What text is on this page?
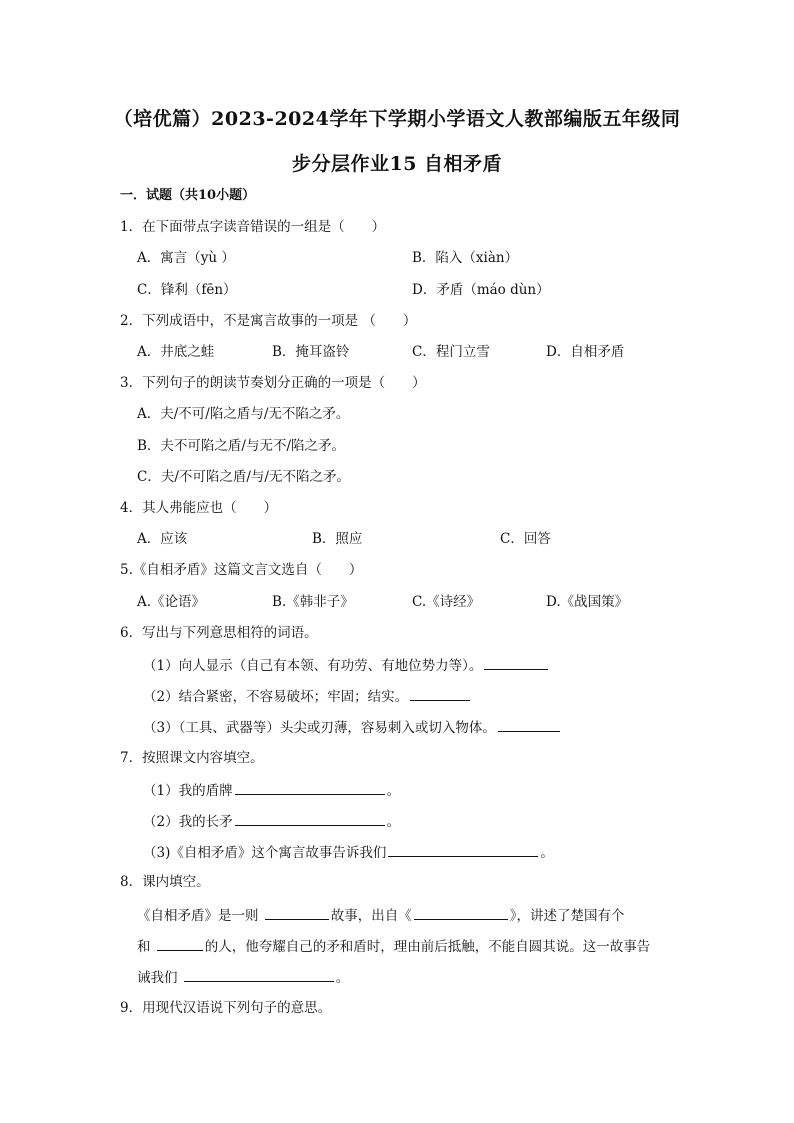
（培优篇）2023-2024学年下学期小学语文人教部编版五年级同
步分层作业15 自相矛盾
一．试题（共10小题）
1．在下面带点字读音错误的一组是（　　）
A．寓言（yù ）	B．陷入（xiàn）
C．锋利（fēn）	D．矛盾（máo dùn）
2．下列成语中，不是寓言故事的一项是 （　　）
A．井底之蛙	B．掩耳盗铃	C．程门立雪	D．自相矛盾
3．下列句子的朗读节奏划分正确的一项是（　　）
A．夫/不可/陷之盾与/无不陷之矛。
B．夫不可陷之盾/与无不/陷之矛。
C．夫/不可陷之盾/与/无不陷之矛。
4．其人弗能应也（　　）
A．应该	B．照应	C．回答
5.《自相矛盾》这篇文言文选自（　　）
A.《论语》	B.《韩非子》	C.《诗经》	D.《战国策》
6．写出与下列意思相符的词语。
（1）向人显示（自己有本领、有功劳、有地位势力等）。
（2）结合紧密，不容易破坏；牢固；结实。
（3）（工具、武器等）头尖或刃薄，容易刺入或切入物体。
7．按照课文内容填空。
（1）我的盾牌	。
（2）我的长矛	。
（3)《自相矛盾》这个寓言故事告诉我们	。
8．课内填空。
《自相矛盾》是一则	故事，出自《	》，讲述了楚国有个
和	的人，他夸耀自己的矛和盾时，理由前后抵触，不能自圆其说。这一故事告
诫我们	。
9．用现代汉语说下列句子的意思。
